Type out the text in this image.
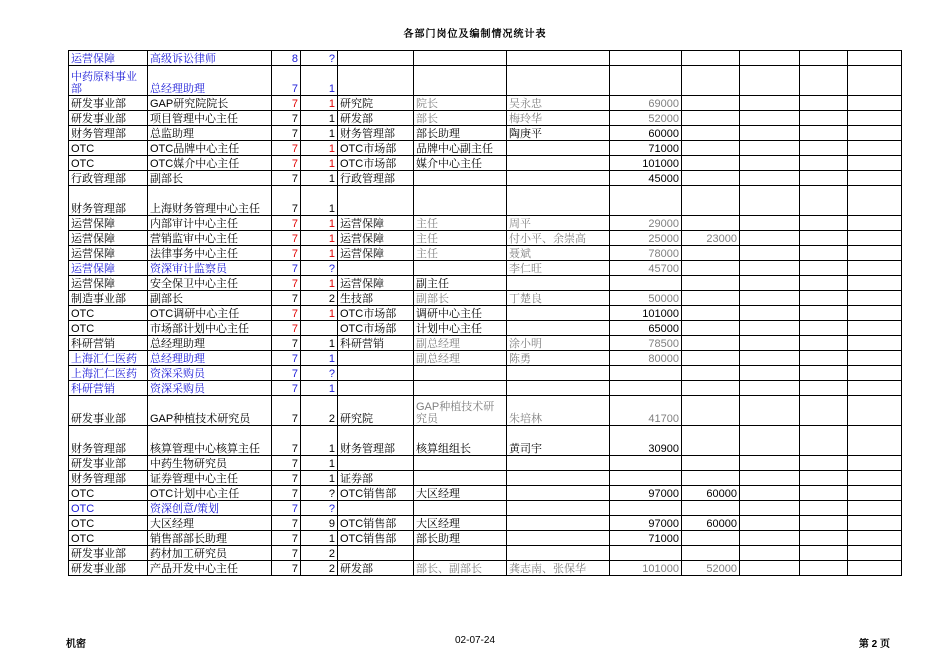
各部门岗位及编制情况统计表
运营保障	高级诉讼律师	8	?								
中药原料事业部	总经理助理	7	1								
研发事业部	GAP研究院院长	7	1	研究院	院长	吴永忠	69000				
研发事业部	项目管理中心主任	7	1	研发部	部长	梅玲华	52000				
财务管理部	总监助理	7	1	财务管理部	部长助理	陶庚平	60000				
OTC	OTC品牌中心主任	7	1	OTC市场部	品牌中心副主任		71000				
OTC	OTC媒介中心主任	7	1	OTC市场部	媒介中心主任		101000				
行政管理部	副部长	7	1	行政管理部			45000				
财务管理部	上海财务管理中心主任	7	1								
运营保障	内部审计中心主任	7	1	运营保障	主任	周平	29000				
运营保障	营销监审中心主任	7	1	运营保障	主任	付小平、余崇高	25000	23000			
运营保障	法律事务中心主任	7	1	运营保障	主任	聂斌	78000				
运营保障	资深审计监察员	7	?			李仁旺	45700				
运营保障	安全保卫中心主任	7	1	运营保障	副主任						
制造事业部	副部长	7	2	生技部	副部长	丁楚良	50000				
OTC	OTC调研中心主任	7	1	OTC市场部	调研中心主任		101000				
OTC	市场部计划中心主任	7		OTC市场部	计划中心主任		65000				
科研营销	总经理助理	7	1	科研营销	副总经理	涂小明	78500				
上海汇仁医药	总经理助理	7	1		副总经理	陈勇	80000				
上海汇仁医药	资深采购员	7	?								
科研营销	资深采购员	7	1								
研发事业部	GAP种植技术研究员	7	2	研究院	GAP种植技术研究员	朱培林	41700				
财务管理部	核算管理中心核算主任	7	1	财务管理部	核算组组长	黄司宇	30900				
研发事业部	中药生物研究员	7	1								
财务管理部	证券管理中心主任	7	1	证券部							
OTC	OTC计划中心主任	7	?	OTC销售部	大区经理		97000	60000			
OTC	资深创意/策划	7	?								
OTC	大区经理	7	9	OTC销售部	大区经理		97000	60000			
OTC	销售部部长助理	7	1	OTC销售部	部长助理		71000				
研发事业部	药材加工研究员	7	2								
研发事业部	产品开发中心主任	7	2	研发部	部长、副部长	龚志南、张保华	101000	52000			
机密	02-07-24	第 2 页
